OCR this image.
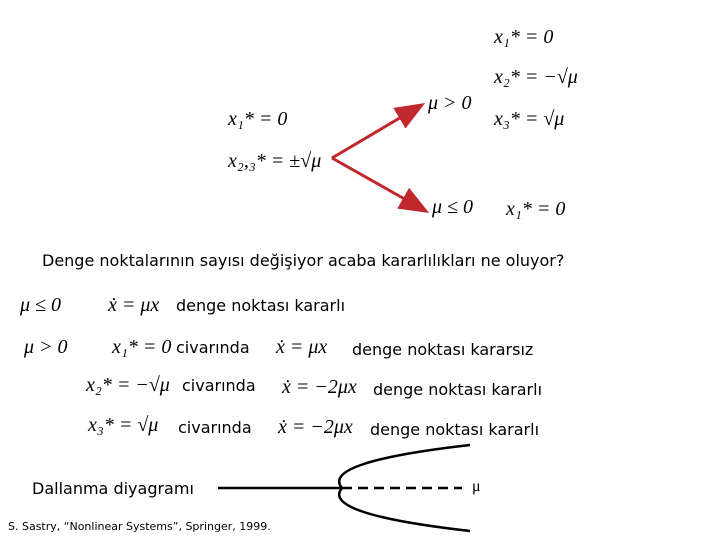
x₁* = 0
x₂,₃* = ±√μ
μ > 0
x₁* = 0
x₂* = −√μ
x₃* = √μ
μ ≤ 0 x₁* = 0
Denge noktalarının sayısı değişiyor acaba kararlılıkları ne oluyor?
μ ≤ 0 ẋ = μx denge noktası kararlı
μ > 0 x₁* = 0 civarında ẋ = μx denge noktası kararsız
x₂* = −√μ civarında ẋ = −2μx denge noktası kararlı
x₃* = √μ civarında ẋ = −2μx denge noktası kararlı
Dallanma diyagramı	μ
S. Sastry, “Nonlinear Systems”, Springer, 1999.
